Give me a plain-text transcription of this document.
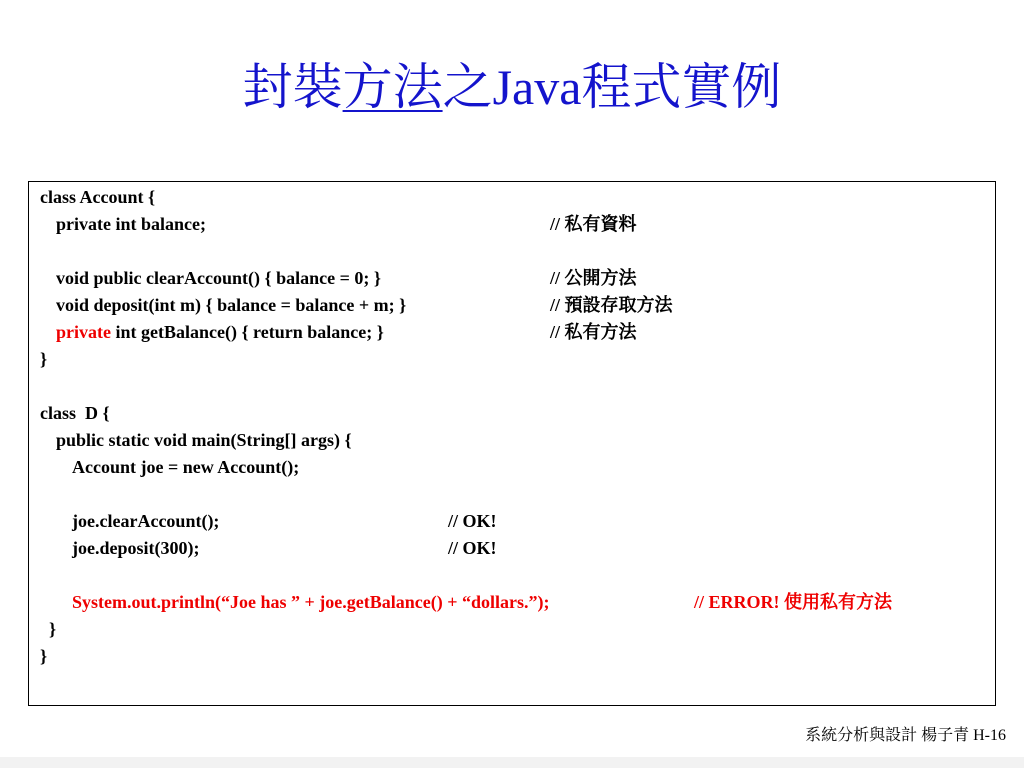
封裝方法之Java程式實例
class Account {
private int balance;	// 私有資料
void public clearAccount() { balance = 0; }	// 公開方法
void deposit(int m) { balance = balance + m; }	// 預設存取方法
private int getBalance() { return balance; }	// 私有方法
}
class  D {
public static void main(String[] args) {
Account joe = new Account();
joe.clearAccount();	// OK!
joe.deposit(300);	// OK!
System.out.println(“Joe has ” + joe.getBalance() + “dollars.”);	// ERROR! 使用私有方法
}
}
系統分析與設計 楊子青 H-16
